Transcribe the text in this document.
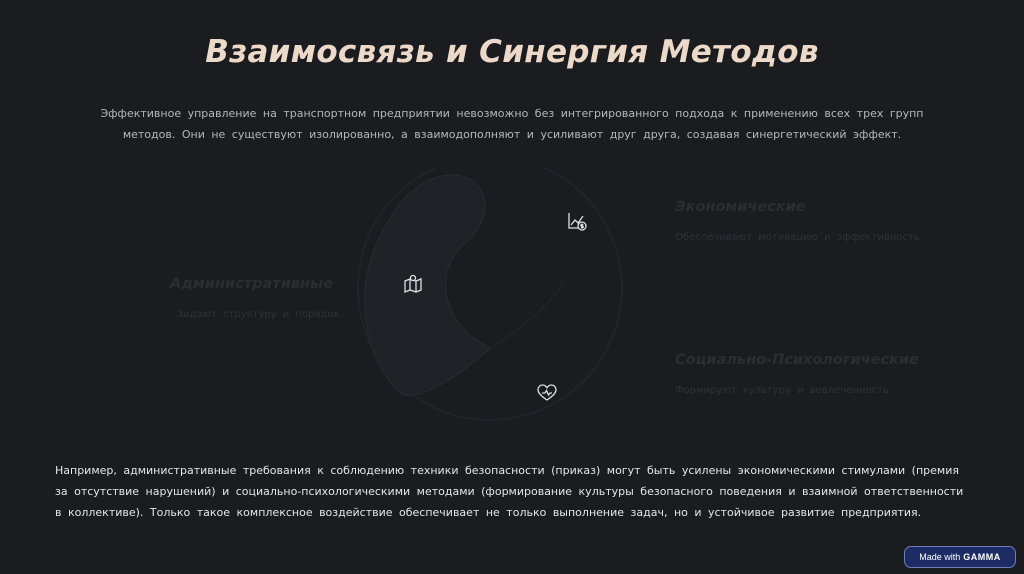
Взаимосвязь и Синергия Методов
Эффективное управление на транспортном предприятии невозможно без интегрированного подхода к применению всех трех групп методов. Они не существуют изолированно, а взаимодополняют и усиливают друг друга, создавая синергетический эффект.
Экономические
Обеспечивают мотивацию и эффективность.
Административные
Задают структуру и порядок.
Социально-Психологические
Формируют культуру и вовлеченность.
Например, административные требования к соблюдению техники безопасности (приказ) могут быть усилены экономическими стимулами (премия за отсутствие нарушений) и социально-психологическими методами (формирование культуры безопасного поведения и взаимной ответственности в коллективе). Только такое комплексное воздействие обеспечивает не только выполнение задач, но и устойчивое развитие предприятия.
Made with GAMMA
